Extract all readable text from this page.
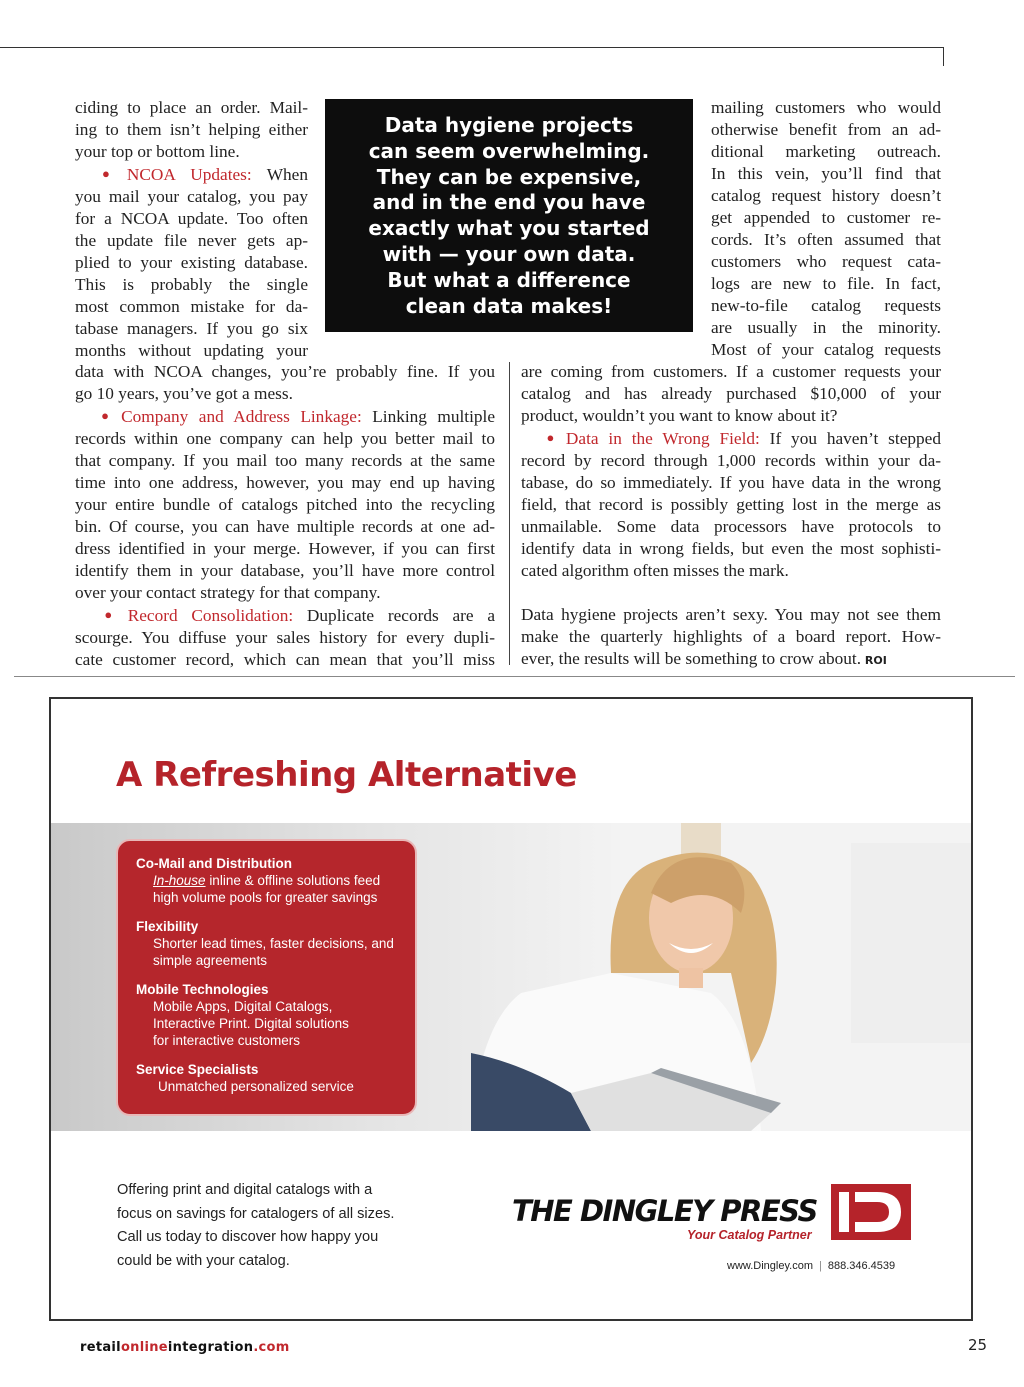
ciding to place an order. Mail-
ing to them isn’t helping either
your top or bottom line.
● NCOA Updates: When
you mail your catalog, you pay
for a NCOA update. Too often
the update file never gets ap-
plied to your existing database.
This is probably the single
most common mistake for da-
tabase managers. If you go six
months without updating your
Data hygiene projects
can seem overwhelming.
They can be expensive,
and in the end you have
exactly what you started
with — your own data.
But what a difference
clean data makes!
mailing customers who would
otherwise benefit from an ad-
ditional marketing outreach.
In this vein, you’ll find that
catalog request history doesn’t
get appended to customer re-
cords. It’s often assumed that
customers who request cata-
logs are new to file. In fact,
new-to-file catalog requests
are usually in the minority.
Most of your catalog requests
data with NCOA changes, you’re probably fine. If you
go 10 years, you’ve got a mess.
● Company and Address Linkage: Linking multiple
records within one company can help you better mail to
that company. If you mail too many records at the same
time into one address, however, you may end up having
your entire bundle of catalogs pitched into the recycling
bin. Of course, you can have multiple records at one ad-
dress identified in your merge. However, if you can first
identify them in your database, you’ll have more control
over your contact strategy for that company.
● Record Consolidation: Duplicate records are a
scourge. You diffuse your sales history for every dupli-
cate customer record, which can mean that you’ll miss
are coming from customers. If a customer requests your
catalog and has already purchased $10,000 of your
product, wouldn’t you want to know about it?
● Data in the Wrong Field: If you haven’t stepped
record by record through 1,000 records within your da-
tabase, do so immediately. If you have data in the wrong
field, that record is possibly getting lost in the merge as
unmailable. Some data processors have protocols to
identify data in wrong fields, but even the most sophisti-
cated algorithm often misses the mark.
Data hygiene projects aren’t sexy. You may not see them
make the quarterly highlights of a board report. How-
ever, the results will be something to crow about. ROI
A Refreshing Alternative
Co-Mail and Distribution
In-house inline & offline solutions feed
high volume pools for greater savings
Flexibility
Shorter lead times, faster decisions, and
simple agreements
Mobile Technologies
Mobile Apps, Digital Catalogs,
Interactive Print. Digital solutions
for interactive customers
Service Specialists
Unmatched personalized service
Offering print and digital catalogs with a
focus on savings for catalogers of all sizes.
Call us today to discover how happy you
could be with your catalog.
THE DINGLEY PRESS
Your Catalog Partner
www.Dingley.com | 888.346.4539
retailonlineintegration.com	25
